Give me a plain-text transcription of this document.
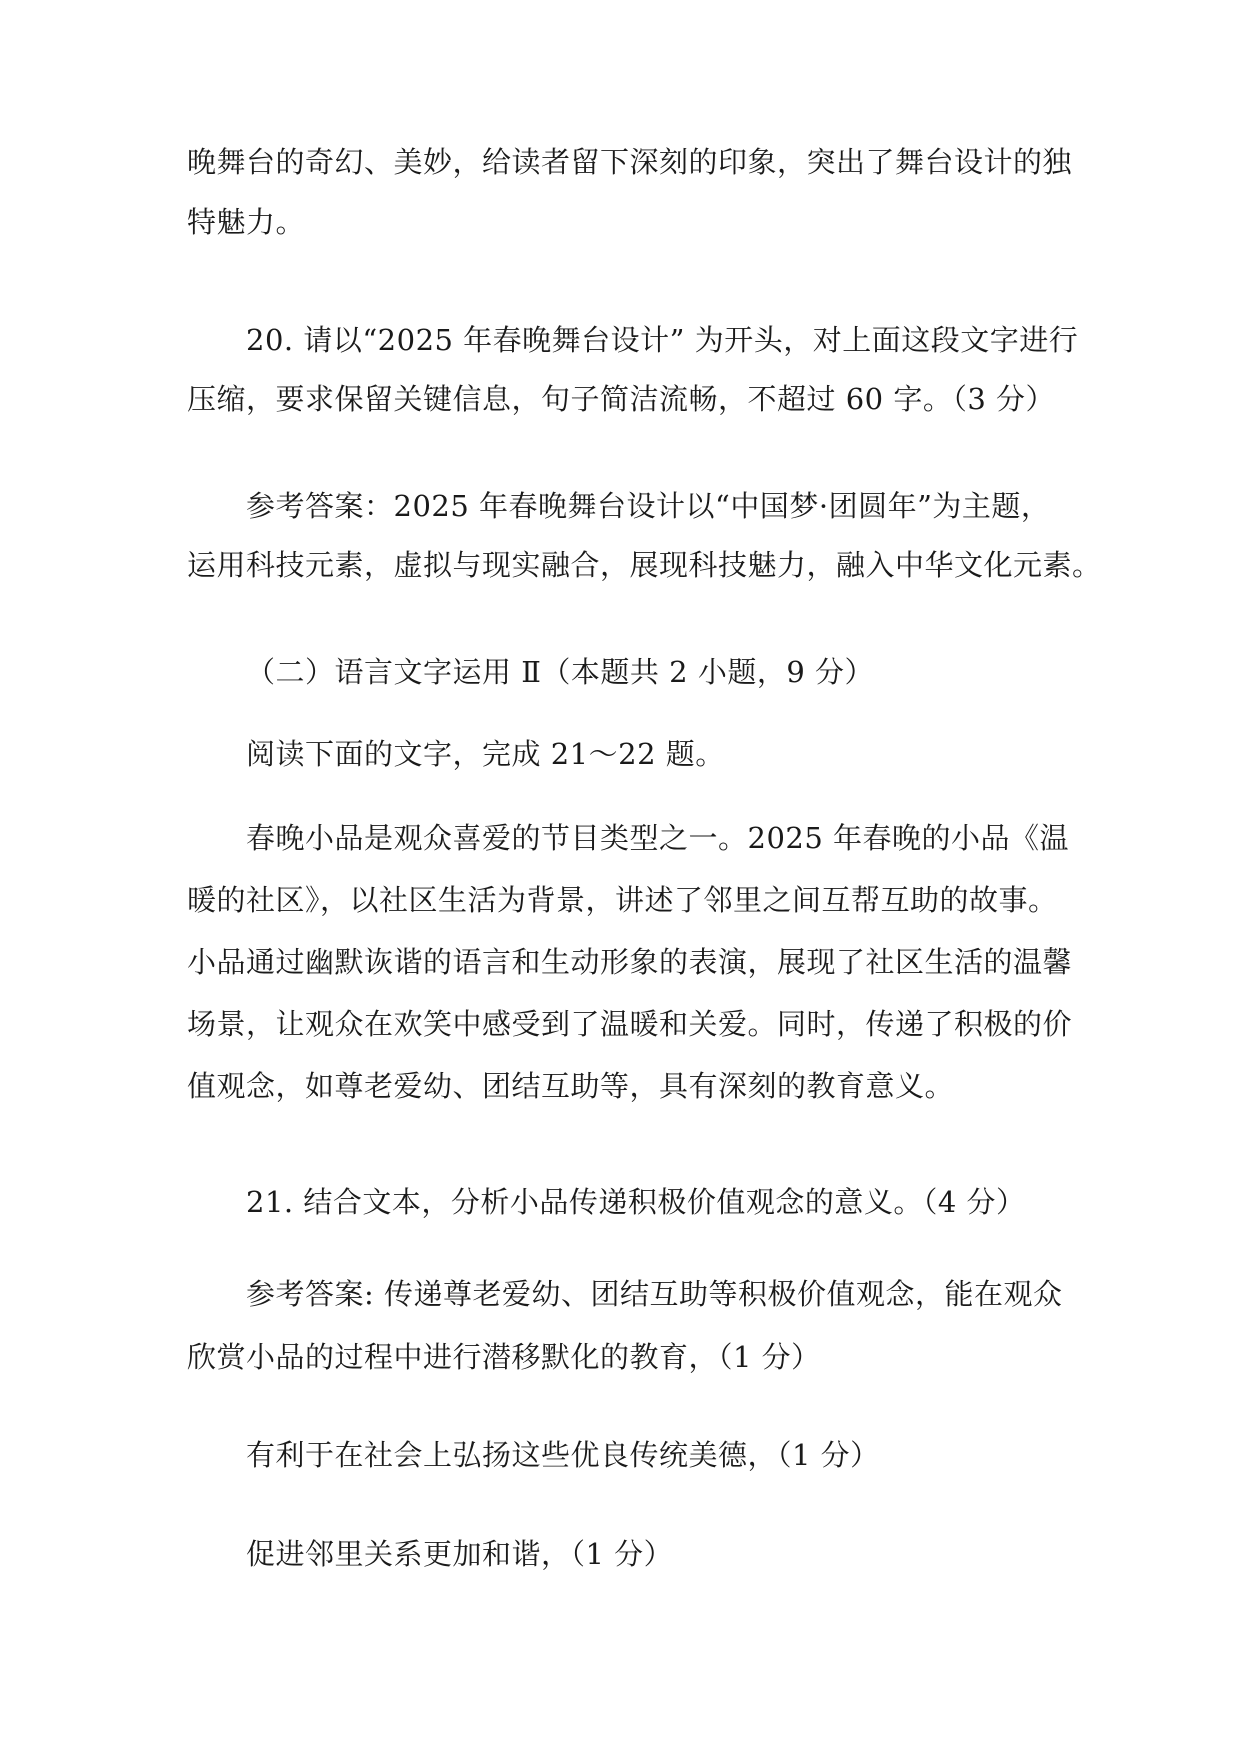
晚舞台的奇幻、美妙，给读者留下深刻的印象，突出了舞台设计的独
特魅力。
20. 请以“2025 年春晚舞台设计” 为开头，对上面这段文字进行
压缩，要求保留关键信息，句子简洁流畅，不超过 60 字。（3 分）
参考答案：2025 年春晚舞台设计以“中国梦·团圆年”为主题，
运用科技元素，虚拟与现实融合，展现科技魅力，融入中华文化元素。
（二）语言文字运用 Ⅱ（本题共 2 小题，9 分）
阅读下面的文字，完成 21～22 题。
春晚小品是观众喜爱的节目类型之一。2025 年春晚的小品《温
暖的社区》，以社区生活为背景，讲述了邻里之间互帮互助的故事。
小品通过幽默诙谐的语言和生动形象的表演，展现了社区生活的温馨
场景，让观众在欢笑中感受到了温暖和关爱。同时，传递了积极的价
值观念，如尊老爱幼、团结互助等，具有深刻的教育意义。
21. 结合文本，分析小品传递积极价值观念的意义。（4 分）
参考答案: 传递尊老爱幼、团结互助等积极价值观念，能在观众
欣赏小品的过程中进行潜移默化的教育，（1 分）
有利于在社会上弘扬这些优良传统美德，（1 分）
促进邻里关系更加和谐，（1 分）
